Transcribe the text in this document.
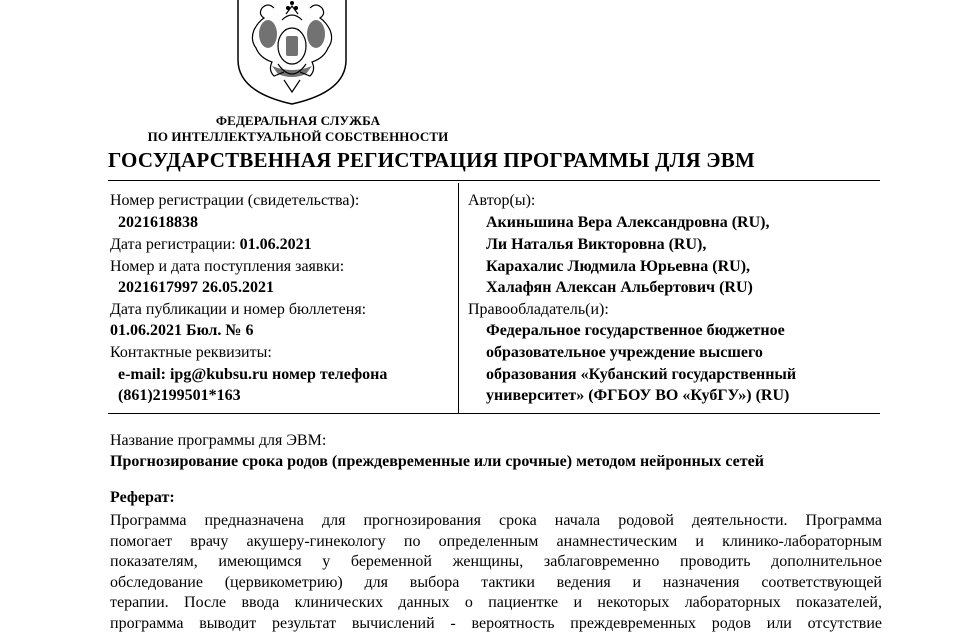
ФЕДЕРАЛЬНАЯ СЛУЖБА
ПО ИНТЕЛЛЕКТУАЛЬНОЙ СОБСТВЕННОСТИ
ГОСУДАРСТВЕННАЯ РЕГИСТРАЦИЯ ПРОГРАММЫ ДЛЯ ЭВМ
Номер регистрации (свидетельства):
2021618838
Дата регистрации: 01.06.2021
Номер и дата поступления заявки:
2021617997 26.05.2021
Дата публикации и номер бюллетеня:
01.06.2021 Бюл. № 6
Контактные реквизиты:
e-mail: ipg@kubsu.ru номер телефона
(861)2199501*163
Автор(ы):
Акиньшина Вера Александровна (RU),
Ли Наталья Викторовна (RU),
Карахалис Людмила Юрьевна (RU),
Халафян Алексан Альбертович (RU)
Правообладатель(и):
Федеральное государственное бюджетное
образовательное учреждение высшего
образования «Кубанский государственный
университет» (ФГБОУ ВО «КубГУ») (RU)
Название программы для ЭВМ:
Прогнозирование срока родов (преждевременные или срочные) методом нейронных сетей
Реферат:
Программа предназначена для прогнозирования срока начала родовой деятельности. Программа
помогает врачу акушеру-гинекологу по определенным анамнестическим и клинико-лабораторным
показателям, имеющимся у беременной женщины, заблаговременно проводить дополнительное
обследование (цервикометрию) для выбора тактики ведения и назначения соответствующей
терапии. После ввода клинических данных о пациентке и некоторых лабораторных показателей,
программа выводит результат вычислений - вероятность преждевременных родов или отсутствие
